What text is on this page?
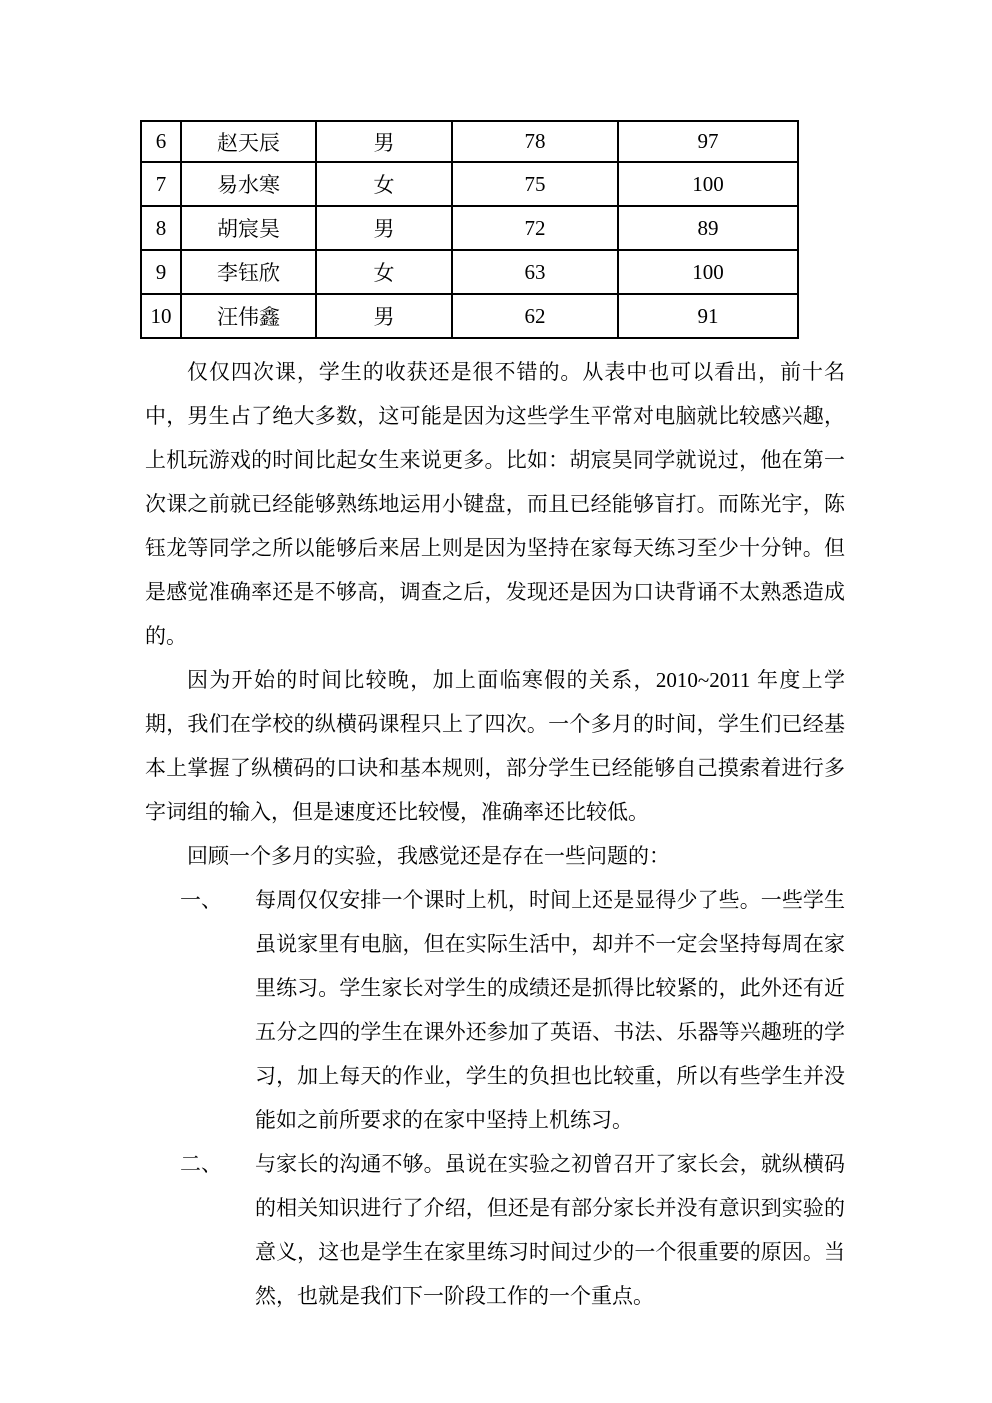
6	赵天辰	男	78	97
7	易水寒	女	75	100
8	胡宸昊	男	72	89
9	李钰欣	女	63	100
10	汪伟鑫	男	62	91

仅仅四次课，学生的收获还是很不错的。从表中也可以看出，前十名中，男生占了绝大多数，这可能是因为这些学生平常对电脑就比较感兴趣，上机玩游戏的时间比起女生来说更多。比如：胡宸昊同学就说过，他在第一次课之前就已经能够熟练地运用小键盘，而且已经能够盲打。而陈光宇，陈钰龙等同学之所以能够后来居上则是因为坚持在家每天练习至少十分钟。但是感觉准确率还是不够高，调查之后，发现还是因为口诀背诵不太熟悉造成的。

因为开始的时间比较晚，加上面临寒假的关系，2010~2011 年度上学期，我们在学校的纵横码课程只上了四次。一个多月的时间，学生们已经基本上掌握了纵横码的口诀和基本规则，部分学生已经能够自己摸索着进行多字词组的输入，但是速度还比较慢，准确率还比较低。

回顾一个多月的实验，我感觉还是存在一些问题的：

一、 每周仅仅安排一个课时上机，时间上还是显得少了些。一些学生虽说家里有电脑，但在实际生活中，却并不一定会坚持每周在家里练习。学生家长对学生的成绩还是抓得比较紧的，此外还有近五分之四的学生在课外还参加了英语、书法、乐器等兴趣班的学习，加上每天的作业，学生的负担也比较重，所以有些学生并没能如之前所要求的在家中坚持上机练习。
二、 与家长的沟通不够。虽说在实验之初曾召开了家长会，就纵横码的相关知识进行了介绍，但还是有部分家长并没有意识到实验的意义，这也是学生在家里练习时间过少的一个很重要的原因。当然，也就是我们下一阶段工作的一个重点。
